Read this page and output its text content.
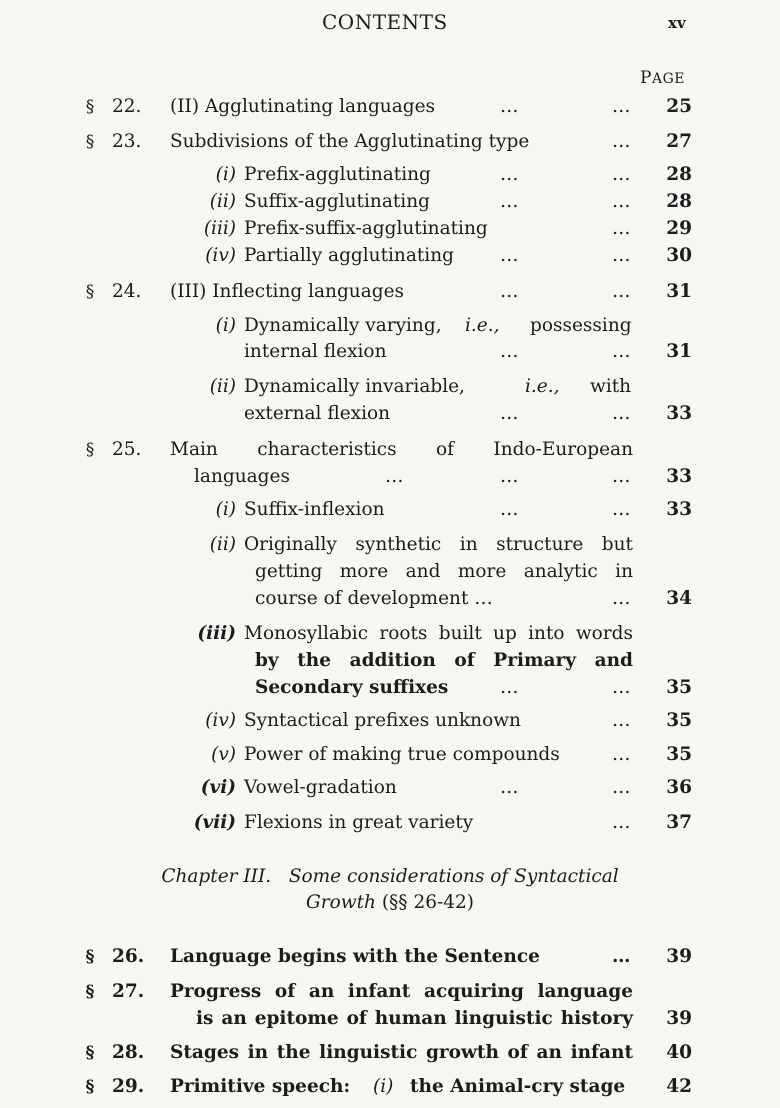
CONTENTS	xv
PAGE
§ 22.	(II) Agglutinating languages	…	…	25
§ 23.	Subdivisions of the Agglutinating type	…	27
(i) Prefix-agglutinating	…	…	28
(ii) Suffix-agglutinating	…	…	28
(iii) Prefix-suffix-agglutinating	…	29
(iv) Partially agglutinating …	…	30
§ 24.	(III) Inflecting languages	…	…	31
(i) Dynamically varying, i.e., possessing
internal flexion	…	…	31
(ii) Dynamically invariable,	i.e., with
external flexion	…	…	33
§ 25.	Main characteristics of Indo-European
languages	…	…	…	33
(i) Suffix-inflexion	…	…	33
(ii) Originally synthetic in structure but
getting more and more analytic in
course of development …	…	34
(iii) Monosyllabic roots built up into words
by the addition of Primary and
Secondary suffixes	…	…	35
(iv) Syntactical prefixes unknown	…	35
(v) Power of making true compounds	…	35
(vi) Vowel-gradation	…	…	36
(vii) Flexions in great variety	…	37
Chapter III. Some considerations of Syntactical
Growth (§§ 26-42)
§ 26.	Language begins with the Sentence	…	39
§ 27.	Progress of an infant acquiring language
is an epitome of human linguistic history	39
§ 28.	Stages in the linguistic growth of an infant	40
§ 29.	Primitive speech: (i) the Animal-cry stage	42
